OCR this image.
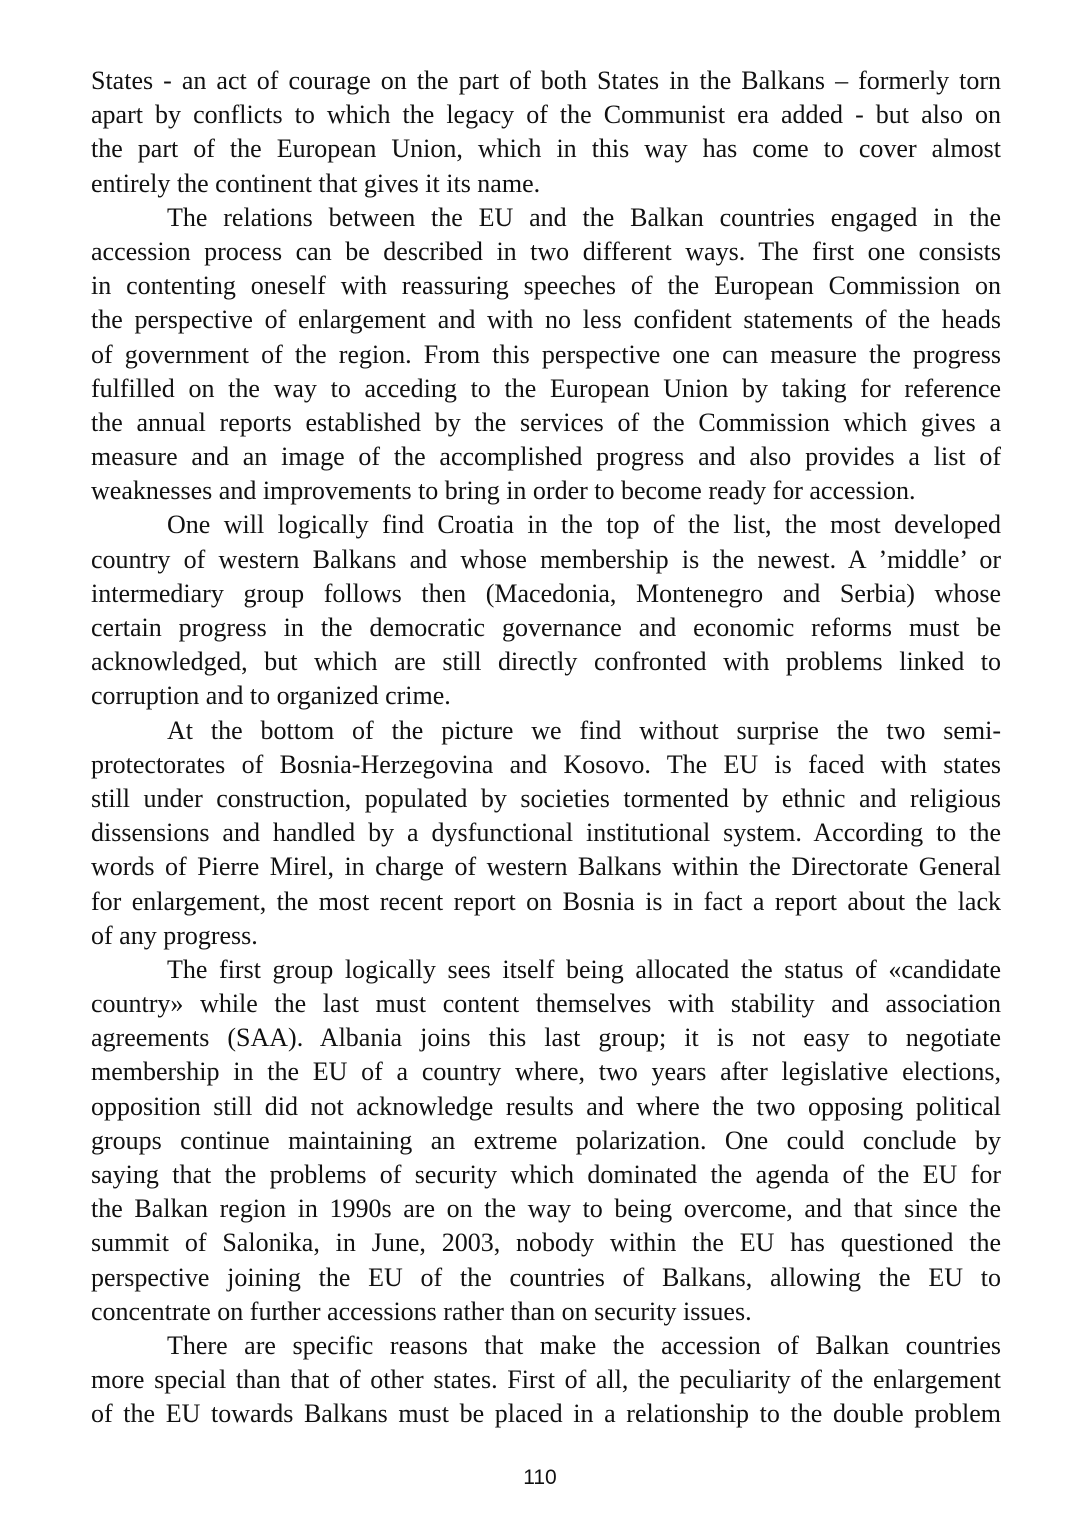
States - an act of courage on the part of both States in the Balkans – formerly torn
apart by conflicts to which the legacy of the Communist era added - but also on
the part of the European Union, which in this way has come to cover almost
entirely the continent that gives it its name.
The relations between the EU and the Balkan countries engaged in the
accession process can be described in two different ways. The first one consists
in contenting oneself with reassuring speeches of the European Commission on
the perspective of enlargement and with no less confident statements of the heads
of government of the region. From this perspective one can measure the progress
fulfilled on the way to acceding to the European Union by taking for reference
the annual reports established by the services of the Commission which gives a
measure and an image of the accomplished progress and also provides a list of
weaknesses and improvements to bring in order to become ready for accession.
One will logically find Croatia in the top of the list, the most developed
country of western Balkans and whose membership is the newest. A ’middle’ or
intermediary group follows then (Macedonia, Montenegro and Serbia) whose
certain progress in the democratic governance and economic reforms must be
acknowledged, but which are still directly confronted with problems linked to
corruption and to organized crime.
At the bottom of the picture we find without surprise the two semi-
protectorates of Bosnia-Herzegovina and Kosovo. The EU is faced with states
still under construction, populated by societies tormented by ethnic and religious
dissensions and handled by a dysfunctional institutional system. According to the
words of Pierre Mirel, in charge of western Balkans within the Directorate General
for enlargement, the most recent report on Bosnia is in fact a report about the lack
of any progress.
The first group logically sees itself being allocated the status of «candidate
country» while the last must content themselves with stability and association
agreements (SAA). Albania joins this last group; it is not easy to negotiate
membership in the EU of a country where, two years after legislative elections,
opposition still did not acknowledge results and where the two opposing political
groups continue maintaining an extreme polarization. One could conclude by
saying that the problems of security which dominated the agenda of the EU for
the Balkan region in 1990s are on the way to being overcome, and that since the
summit of Salonika, in June, 2003, nobody within the EU has questioned the
perspective joining the EU of the countries of Balkans, allowing the EU to
concentrate on further accessions rather than on security issues.
There are specific reasons that make the accession of Balkan countries
more special than that of other states. First of all, the peculiarity of the enlargement
of the EU towards Balkans must be placed in a relationship to the double problem
110
